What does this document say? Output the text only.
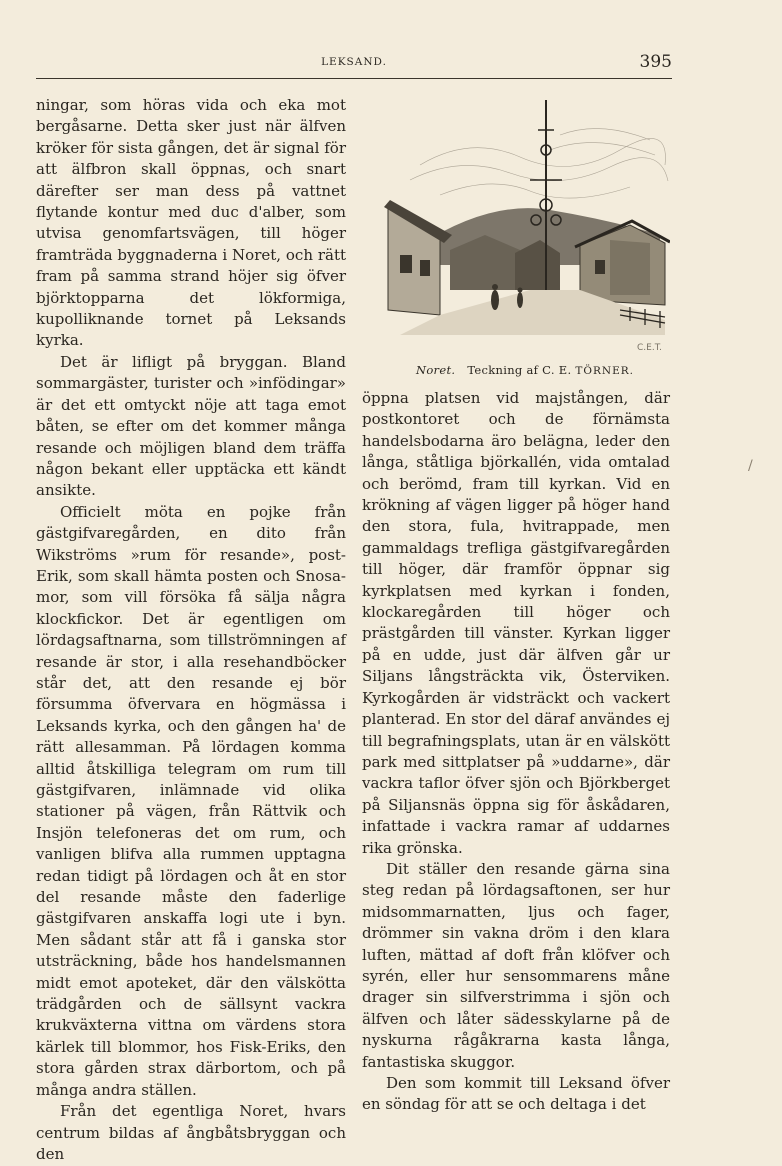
LEKSAND.	395

ningar, som höras vida och eka mot bergåsarne. Detta sker just när älfven kröker för sista gången, det är signal för att älfbron skall öppnas, och snart därefter ser man dess på vattnet flytande kontur med duc d'alber, som utvisa genomfartsvägen, till höger framträda byggnaderna i Noret, och rätt fram på samma strand höjer sig öfver björktopparna det lökformiga, kupolliknande tornet på Leksands kyrka.

Det är lifligt på bryggan. Bland sommargäster, turister och »infödingar» är det ett omtyckt nöje att taga emot båten, se efter om det kommer många resande och möjligen bland dem träffa någon bekant eller upptäcka ett kändt ansikte.

Officielt möta en pojke från gästgifvaregården, en dito från Wikströms »rum för resande», post-Erik, som skall hämta posten och Snosa-mor, som vill försöka få sälja några klockfickor. Det är egentligen om lördagsaftnarna, som tillströmningen af resande är stor, i alla resehandböcker står det, att den resande ej bör försumma öfvervara en högmässa i Leksands kyrka, och den gången ha' de rätt allesamman. På lördagen komma alltid åtskilliga telegram om rum till gästgifvaren, inlämnade vid olika stationer på vägen, från Rättvik och Insjön telefoneras det om rum, och vanligen blifva alla rummen upptagna redan tidigt på lördagen och åt en stor del resande måste den faderlige gästgifvaren anskaffa logi ute i byn. Men sådant står att få i ganska stor utsträckning, både hos handelsmannen midt emot apoteket, där den välskötta trädgården och de sällsynt vackra krukväxterna vittna om värdens stora kärlek till blommor, hos Fisk-Eriks, den stora gården strax därbortom, och på många andra ställen.

Från det egentliga Noret, hvars centrum bildas af ångbåtsbryggan och den

C.E.T.
Noret. Teckning af C. E. TÖRNER.

öppna platsen vid majstången, där postkontoret och de förnämsta handelsbodarna äro belägna, leder den långa, ståtliga björkallén, vida omtalad och berömd, fram till kyrkan. Vid en krökning af vägen ligger på höger hand den stora, fula, hvitrappade, men gammaldags trefliga gästgifvaregården till höger, där framför öppnar sig kyrkplatsen med kyrkan i fonden, klockaregården till höger och prästgården till vänster. Kyrkan ligger på en udde, just där älfven går ur Siljans långsträckta vik, Österviken. Kyrkogården är vidsträckt och vackert planterad. En stor del däraf användes ej till begrafningsplats, utan är en välskött park med sittplatser på »uddarne», där vackra taflor öfver sjön och Björkberget på Siljansnäs öppna sig för åskådaren, infattade i vackra ramar af uddarnes rika grönska.

Dit ställer den resande gärna sina steg redan på lördagsaftonen, ser hur midsommarnatten, ljus och fager, drömmer sin vakna dröm i den klara luften, mättad af doft från klöfver och syrén, eller hur sensommarens måne drager sin silfverstrimma i sjön och älfven och låter sädesskylarne på de nyskurna rågåkrarna kasta långa, fantastiska skuggor.

Den som kommit till Leksand öfver en söndag för att se och deltaga i det

/
